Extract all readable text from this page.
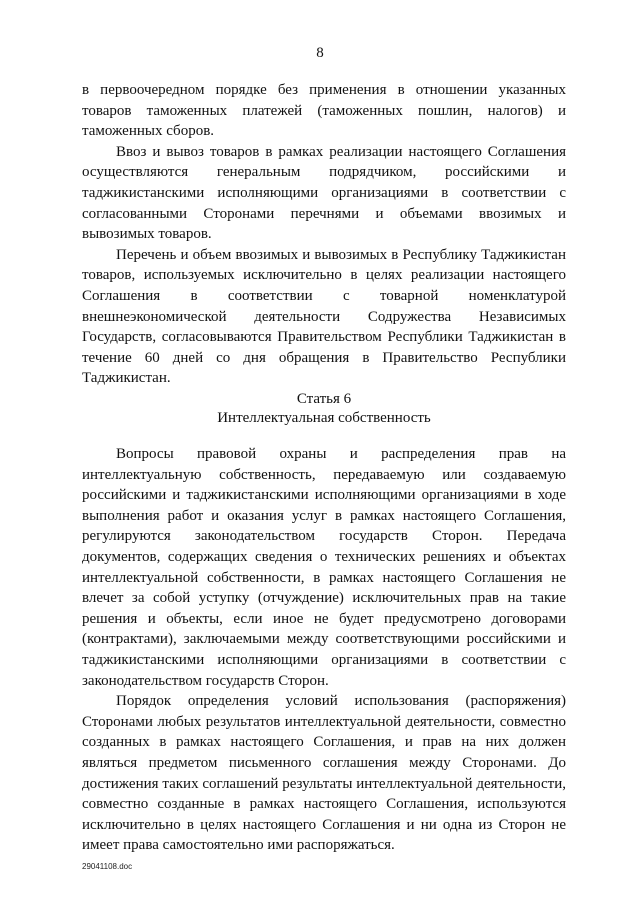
8

в первоочередном порядке без применения в отношении указанных товаров таможенных платежей (таможенных пошлин, налогов) и таможенных сборов.

Ввоз и вывоз товаров в рамках реализации настоящего Соглашения осуществляются генеральным подрядчиком, российскими и таджикистанскими исполняющими организациями в соответствии с согласованными Сторонами перечнями и объемами ввозимых и вывозимых товаров.

Перечень и объем ввозимых и вывозимых в Республику Таджикистан товаров, используемых исключительно в целях реализации настоящего Соглашения в соответствии с товарной номенклатурой внешнеэкономической деятельности Содружества Независимых Государств, согласовываются Правительством Республики Таджикистан в течение 60 дней со дня обращения в Правительство Республики Таджикистан.

Статья 6
Интеллектуальная собственность

Вопросы правовой охраны и распределения прав на интеллектуальную собственность, передаваемую или создаваемую российскими и таджикистанскими исполняющими организациями в ходе выполнения работ и оказания услуг в рамках настоящего Соглашения, регулируются законодательством государств Сторон. Передача документов, содержащих сведения о технических решениях и объектах интеллектуальной собственности, в рамках настоящего Соглашения не влечет за собой уступку (отчуждение) исключительных прав на такие решения и объекты, если иное не будет предусмотрено договорами (контрактами), заключаемыми между соответствующими российскими и таджикистанскими исполняющими организациями в соответствии с законодательством государств Сторон.

Порядок определения условий использования (распоряжения) Сторонами любых результатов интеллектуальной деятельности, совместно созданных в рамках настоящего Соглашения, и прав на них должен являться предметом письменного соглашения между Сторонами. До достижения таких соглашений результаты интеллектуальной деятельности, совместно созданные в рамках настоящего Соглашения, используются исключительно в целях настоящего Соглашения и ни одна из Сторон не имеет права самостоятельно ими распоряжаться.

29041108.doc
